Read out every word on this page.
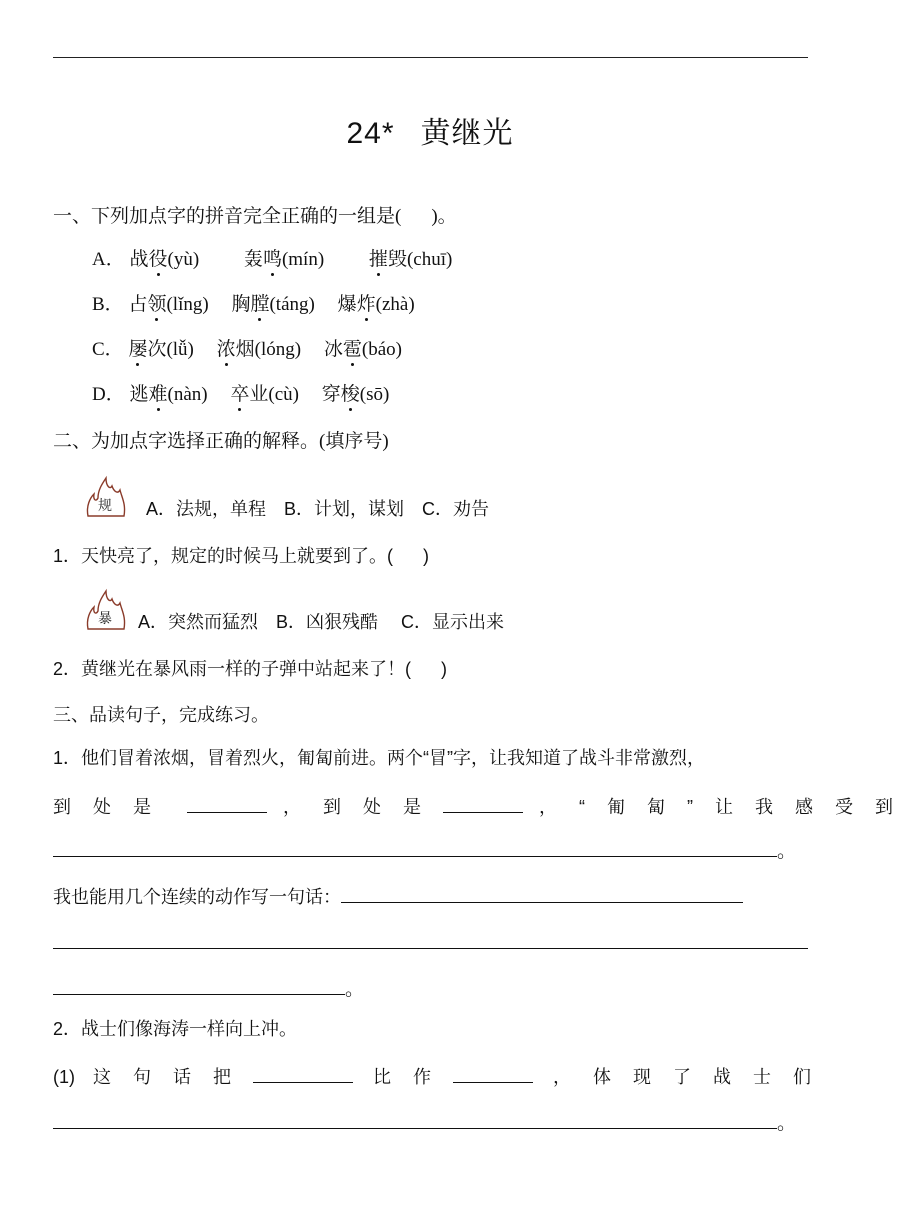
24* 黄继光
一、下列加点字的拼音完全正确的一组是( )。
A． 战役(yù) 轰鸣(mín) 摧毁(chuī)
B． 占领(lǐng) 胸膛(táng) 爆炸(zhà)
C． 屡次(lǚ) 浓烟(lóng) 冰雹(báo)
D． 逃难(nàn) 卒业(cù) 穿梭(sō)
二、为加点字选择正确的解释。(填序号)
规 A．法规，单程　B．计划，谋划　C．劝告
1．天快亮了，规定的时候马上就要到了。( )
暴 A．突然而猛烈　B．凶狠残酷　 C．显示出来
2．黄继光在暴风雨一样的子弹中站起来了！( )
三、品读句子，完成练习。
1．他们冒着浓烟，冒着烈火，匍匐前进。两个“冒”字，让我知道了战斗非常激烈，
到处是	，到处是	，“匍匐”让我感受到
。
我也能用几个连续的动作写一句话：
。
2．战士们像海涛一样向上冲。
(1) 这句话把	比作	，体现了战士们
。
